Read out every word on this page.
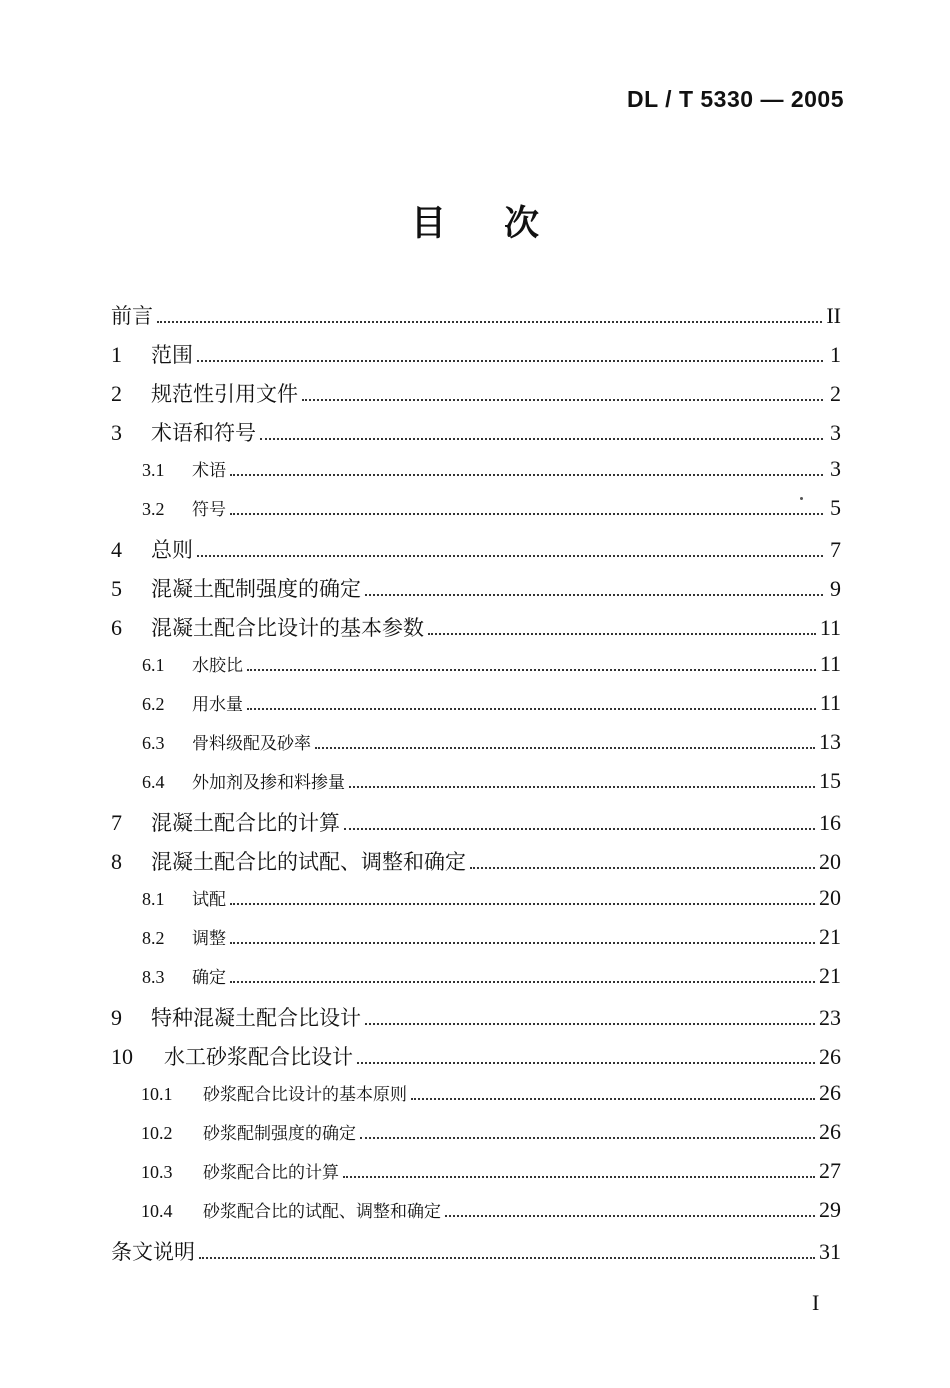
DL / T 5330 — 2005
目 次
前言	II
1	范围	1
2	规范性引用文件	2
3	术语和符号	3
3.1	术语	3
3.2	符号	5
4	总则	7
5	混凝土配制强度的确定	9
6	混凝土配合比设计的基本参数	11
6.1	水胶比	11
6.2	用水量	11
6.3	骨料级配及砂率	13
6.4	外加剂及掺和料掺量	15
7	混凝土配合比的计算	16
8	混凝土配合比的试配、调整和确定	20
8.1	试配	20
8.2	调整	21
8.3	确定	21
9	特种混凝土配合比设计	23
10	水工砂浆配合比设计	26
10.1	砂浆配合比设计的基本原则	26
10.2	砂浆配制强度的确定	26
10.3	砂浆配合比的计算	27
10.4	砂浆配合比的试配、调整和确定	29
条文说明	31
I
